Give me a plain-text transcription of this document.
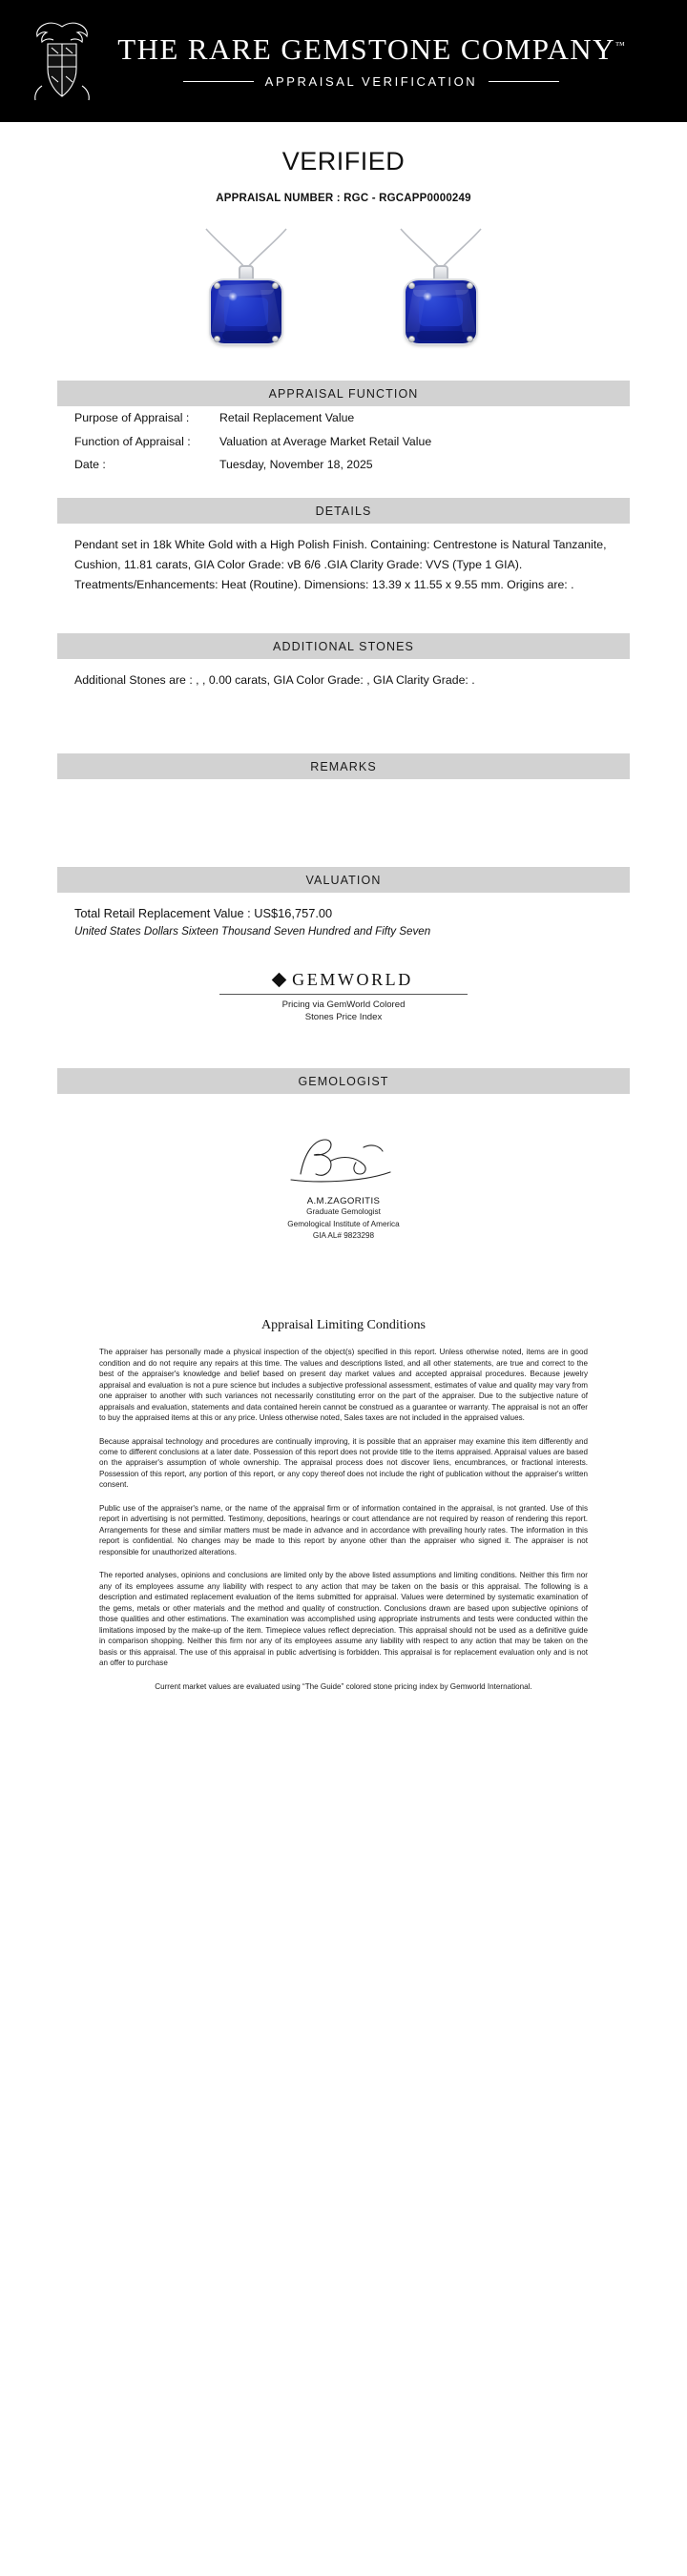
THE RARE GEMSTONE COMPANY™
APPRAISAL VERIFICATION
VERIFIED
APPRAISAL NUMBER : RGC - RGCAPP0000249
APPRAISAL FUNCTION
Purpose of Appraisal :	Retail Replacement Value
Function of Appraisal : Valuation at Average Market Retail Value
Date :	Tuesday, November 18, 2025
DETAILS
Pendant set in 18k White Gold with a High Polish Finish. Containing: Centrestone is Natural Tanzanite, Cushion, 11.81 carats, GIA Color Grade: vB 6/6 .GIA Clarity Grade: VVS (Type 1 GIA). Treatments/Enhancements: Heat (Routine). Dimensions: 13.39 x 11.55 x 9.55 mm. Origins are: .
ADDITIONAL STONES
Additional Stones are : , , 0.00 carats, GIA Color Grade: , GIA Clarity Grade: .
REMARKS
VALUATION
Total Retail Replacement Value : US$16,757.00
United States Dollars Sixteen Thousand Seven Hundred and Fifty Seven
GEMWORLD
Pricing via GemWorld Colored
Stones Price Index
GEMOLOGIST
A.M.ZAGORITIS
Graduate Gemologist
Gemological Institute of America
GIA AL# 9823298
Appraisal Limiting Conditions

The appraiser has personally made a physical inspection of the object(s) specified in this report. Unless otherwise noted, items are in good condition and do not require any repairs at this time. The values and descriptions listed, and all other statements, are true and correct to the best of the appraiser's knowledge and belief based on present day market values and accepted appraisal procedures. Because jewelry appraisal and evaluation is not a pure science but includes a subjective professional assessment, estimates of value and quality may vary from one appraiser to another with such variances not necessarily constituting error on the part of the appraiser. Due to the subjective nature of appraisals and evaluation, statements and data contained herein cannot be construed as a guarantee or warranty. The appraisal is not an offer to buy the appraised items at this or any price. Unless otherwise noted, Sales taxes are not included in the appraised values.

Because appraisal technology and procedures are continually improving, it is possible that an appraiser may examine this item differently and come to different conclusions at a later date. Possession of this report does not provide title to the items appraised. Appraisal values are based on the appraiser's assumption of whole ownership. The appraisal process does not discover liens, encumbrances, or fractional interests. Possession of this report, any portion of this report, or any copy thereof does not include the right of publication without the appraiser's written consent.

Public use of the appraiser's name, or the name of the appraisal firm or of information contained in the appraisal, is not granted. Use of this report in advertising is not permitted. Testimony, depositions, hearings or court attendance are not required by reason of rendering this report. Arrangements for these and similar matters must be made in advance and in accordance with prevailing hourly rates. The information in this report is confidential. No changes may be made to this report by anyone other than the appraiser who signed it. The appraiser is not responsible for unauthorized alterations.

The reported analyses, opinions and conclusions are limited only by the above listed assumptions and limiting conditions. Neither this firm nor any of its employees assume any liability with respect to any action that may be taken on the basis or this appraisal. The following is a description and estimated replacement evaluation of the items submitted for appraisal. Values were determined by systematic examination of the gems, metals or other materials and the method and quality of construction. Conclusions drawn are based upon subjective opinions of those qualities and other estimations. The examination was accomplished using appropriate instruments and tests were conducted within the limitations imposed by the make-up of the item. Timepiece values reflect depreciation. This appraisal should not be used as a definitive guide in comparison shopping. Neither this firm nor any of its employees assume any liability with respect to any action that may be taken on the basis or this appraisal. The use of this appraisal in public advertising is forbidden. This appraisal is for replacement evaluation only and is not an offer to purchase

Current market values are evaluated using “The Guide” colored stone pricing index by Gemworld International.
